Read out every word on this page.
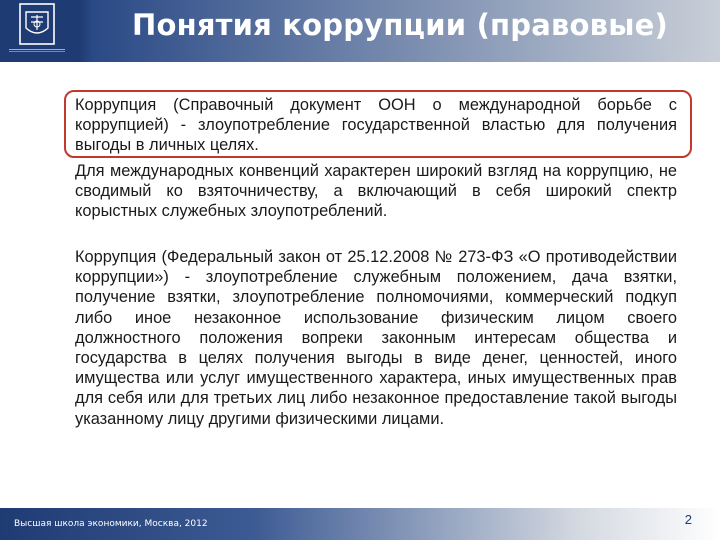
Понятия коррупции (правовые)
Коррупция (Справочный документ ООН о международной борьбе с коррупцией) - злоупотребление государственной властью для получения выгоды в личных целях.
Для международных конвенций характерен широкий взгляд на коррупцию, не сводимый ко взяточничеству, а включающий в себя широкий спектр корыстных служебных злоупотреблений.
Коррупция (Федеральный закон от 25.12.2008 № 273-ФЗ «О противодействии коррупции») - злоупотребление служебным положением, дача взятки, получение взятки, злоупотребление полномочиями, коммерческий подкуп либо иное незаконное использование физическим лицом своего должностного положения вопреки законным интересам общества и государства в целях получения выгоды в виде денег, ценностей, иного имущества или услуг имущественного характера, иных имущественных прав для себя или для третьих лиц либо незаконное предоставление такой выгоды указанному лицу другими физическими лицами.
Высшая школа экономики, Москва, 2012	2
